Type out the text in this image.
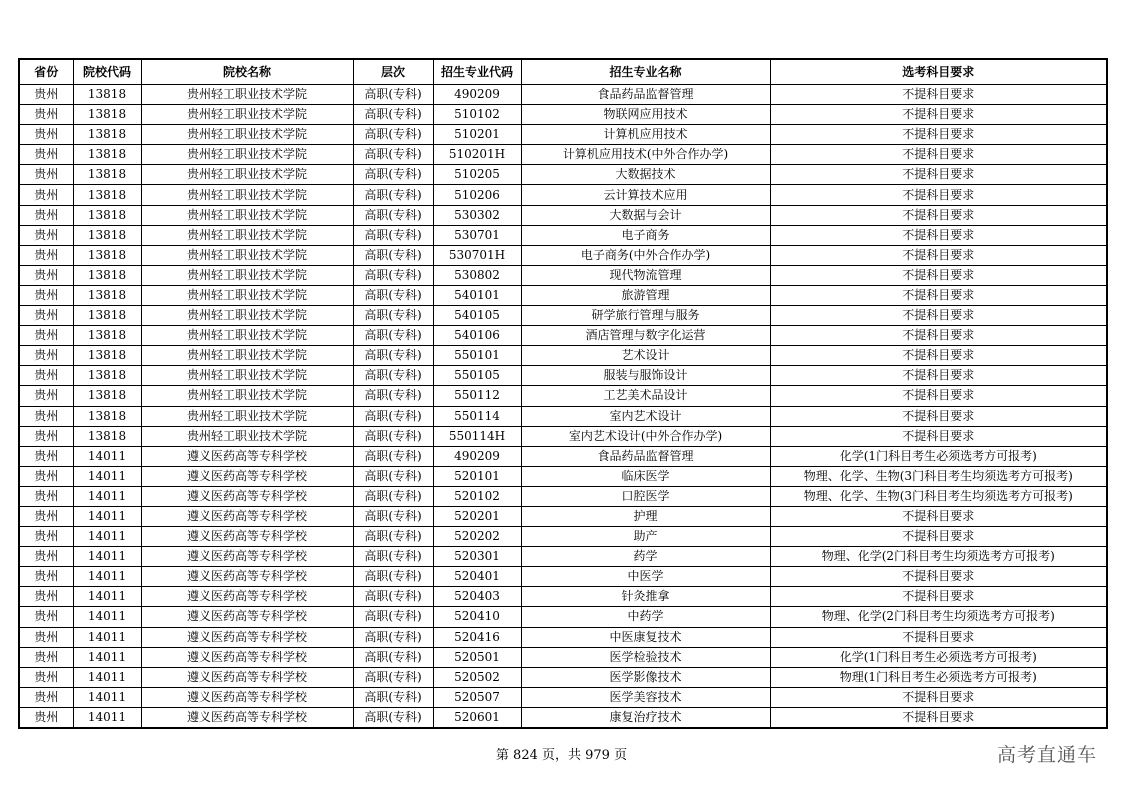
省份	院校代码	院校名称	层次	招生专业代码	招生专业名称	选考科目要求
贵州	13818	贵州轻工职业技术学院	高职(专科)	490209	食品药品监督管理	不提科目要求
贵州	13818	贵州轻工职业技术学院	高职(专科)	510102	物联网应用技术	不提科目要求
贵州	13818	贵州轻工职业技术学院	高职(专科)	510201	计算机应用技术	不提科目要求
贵州	13818	贵州轻工职业技术学院	高职(专科)	510201H	计算机应用技术(中外合作办学)	不提科目要求
贵州	13818	贵州轻工职业技术学院	高职(专科)	510205	大数据技术	不提科目要求
贵州	13818	贵州轻工职业技术学院	高职(专科)	510206	云计算技术应用	不提科目要求
贵州	13818	贵州轻工职业技术学院	高职(专科)	530302	大数据与会计	不提科目要求
贵州	13818	贵州轻工职业技术学院	高职(专科)	530701	电子商务	不提科目要求
贵州	13818	贵州轻工职业技术学院	高职(专科)	530701H	电子商务(中外合作办学)	不提科目要求
贵州	13818	贵州轻工职业技术学院	高职(专科)	530802	现代物流管理	不提科目要求
贵州	13818	贵州轻工职业技术学院	高职(专科)	540101	旅游管理	不提科目要求
贵州	13818	贵州轻工职业技术学院	高职(专科)	540105	研学旅行管理与服务	不提科目要求
贵州	13818	贵州轻工职业技术学院	高职(专科)	540106	酒店管理与数字化运营	不提科目要求
贵州	13818	贵州轻工职业技术学院	高职(专科)	550101	艺术设计	不提科目要求
贵州	13818	贵州轻工职业技术学院	高职(专科)	550105	服装与服饰设计	不提科目要求
贵州	13818	贵州轻工职业技术学院	高职(专科)	550112	工艺美术品设计	不提科目要求
贵州	13818	贵州轻工职业技术学院	高职(专科)	550114	室内艺术设计	不提科目要求
贵州	13818	贵州轻工职业技术学院	高职(专科)	550114H	室内艺术设计(中外合作办学)	不提科目要求
贵州	14011	遵义医药高等专科学校	高职(专科)	490209	食品药品监督管理	化学(1门科目考生必须选考方可报考)
贵州	14011	遵义医药高等专科学校	高职(专科)	520101	临床医学	物理、化学、生物(3门科目考生均须选考方可报考)
贵州	14011	遵义医药高等专科学校	高职(专科)	520102	口腔医学	物理、化学、生物(3门科目考生均须选考方可报考)
贵州	14011	遵义医药高等专科学校	高职(专科)	520201	护理	不提科目要求
贵州	14011	遵义医药高等专科学校	高职(专科)	520202	助产	不提科目要求
贵州	14011	遵义医药高等专科学校	高职(专科)	520301	药学	物理、化学(2门科目考生均须选考方可报考)
贵州	14011	遵义医药高等专科学校	高职(专科)	520401	中医学	不提科目要求
贵州	14011	遵义医药高等专科学校	高职(专科)	520403	针灸推拿	不提科目要求
贵州	14011	遵义医药高等专科学校	高职(专科)	520410	中药学	物理、化学(2门科目考生均须选考方可报考)
贵州	14011	遵义医药高等专科学校	高职(专科)	520416	中医康复技术	不提科目要求
贵州	14011	遵义医药高等专科学校	高职(专科)	520501	医学检验技术	化学(1门科目考生必须选考方可报考)
贵州	14011	遵义医药高等专科学校	高职(专科)	520502	医学影像技术	物理(1门科目考生必须选考方可报考)
贵州	14011	遵义医药高等专科学校	高职(专科)	520507	医学美容技术	不提科目要求
贵州	14011	遵义医药高等专科学校	高职(专科)	520601	康复治疗技术	不提科目要求
第 824 页，共 979 页	高考直通车
